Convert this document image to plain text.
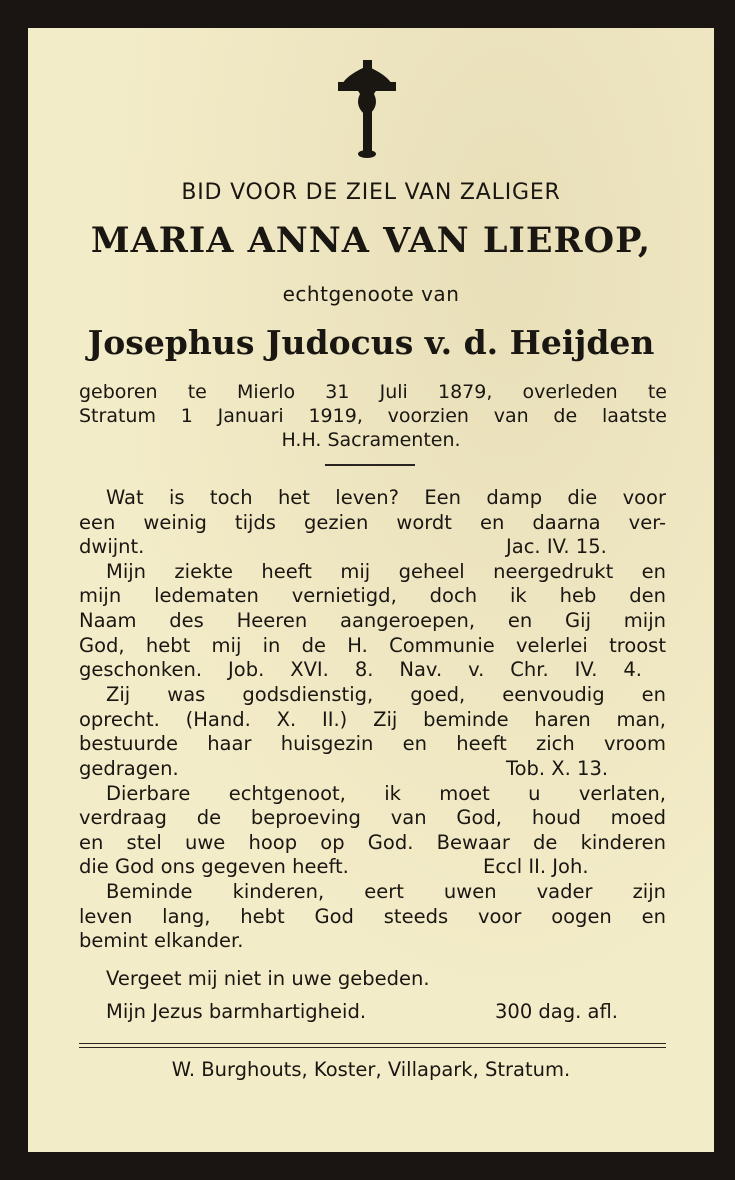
BID VOOR DE ZIEL VAN ZALIGER
MARIA ANNA VAN LIEROP,
echtgenoote van
Josephus Judocus v. d. Heijden
geboren te Mierlo 31 Juli 1879, overleden te
Stratum 1 Januari 1919, voorzien van de laatste
H.H. Sacramenten.
Wat is toch het leven? Een damp die voor
een weinig tijds gezien wordt en daarna ver-
dwijnt.	Jac. IV. 15.
Mijn ziekte heeft mij geheel neergedrukt en
mijn ledematen vernietigd, doch ik heb den
Naam des Heeren aangeroepen, en Gij mijn
God, hebt mij in de H. Communie velerlei troost
geschonken. Job. XVI. 8. Nav. v. Chr. IV. 4.
Zij was godsdienstig, goed, eenvoudig en
oprecht. (Hand. X. II.) Zij beminde haren man,
bestuurde haar huisgezin en heeft zich vroom
gedragen.	Tob. X. 13.
Dierbare echtgenoot, ik moet u verlaten,
verdraag de beproeving van God, houd moed
en stel uwe hoop op God. Bewaar de kinderen
die God ons gegeven heeft.	Eccl II. Joh.
Beminde kinderen, eert uwen vader zijn
leven lang, hebt God steeds voor oogen en
bemint elkander.
Vergeet mij niet in uwe gebeden.
Mijn Jezus barmhartigheid.	300 dag. afl.
W. Burghouts, Koster, Villapark, Stratum.
